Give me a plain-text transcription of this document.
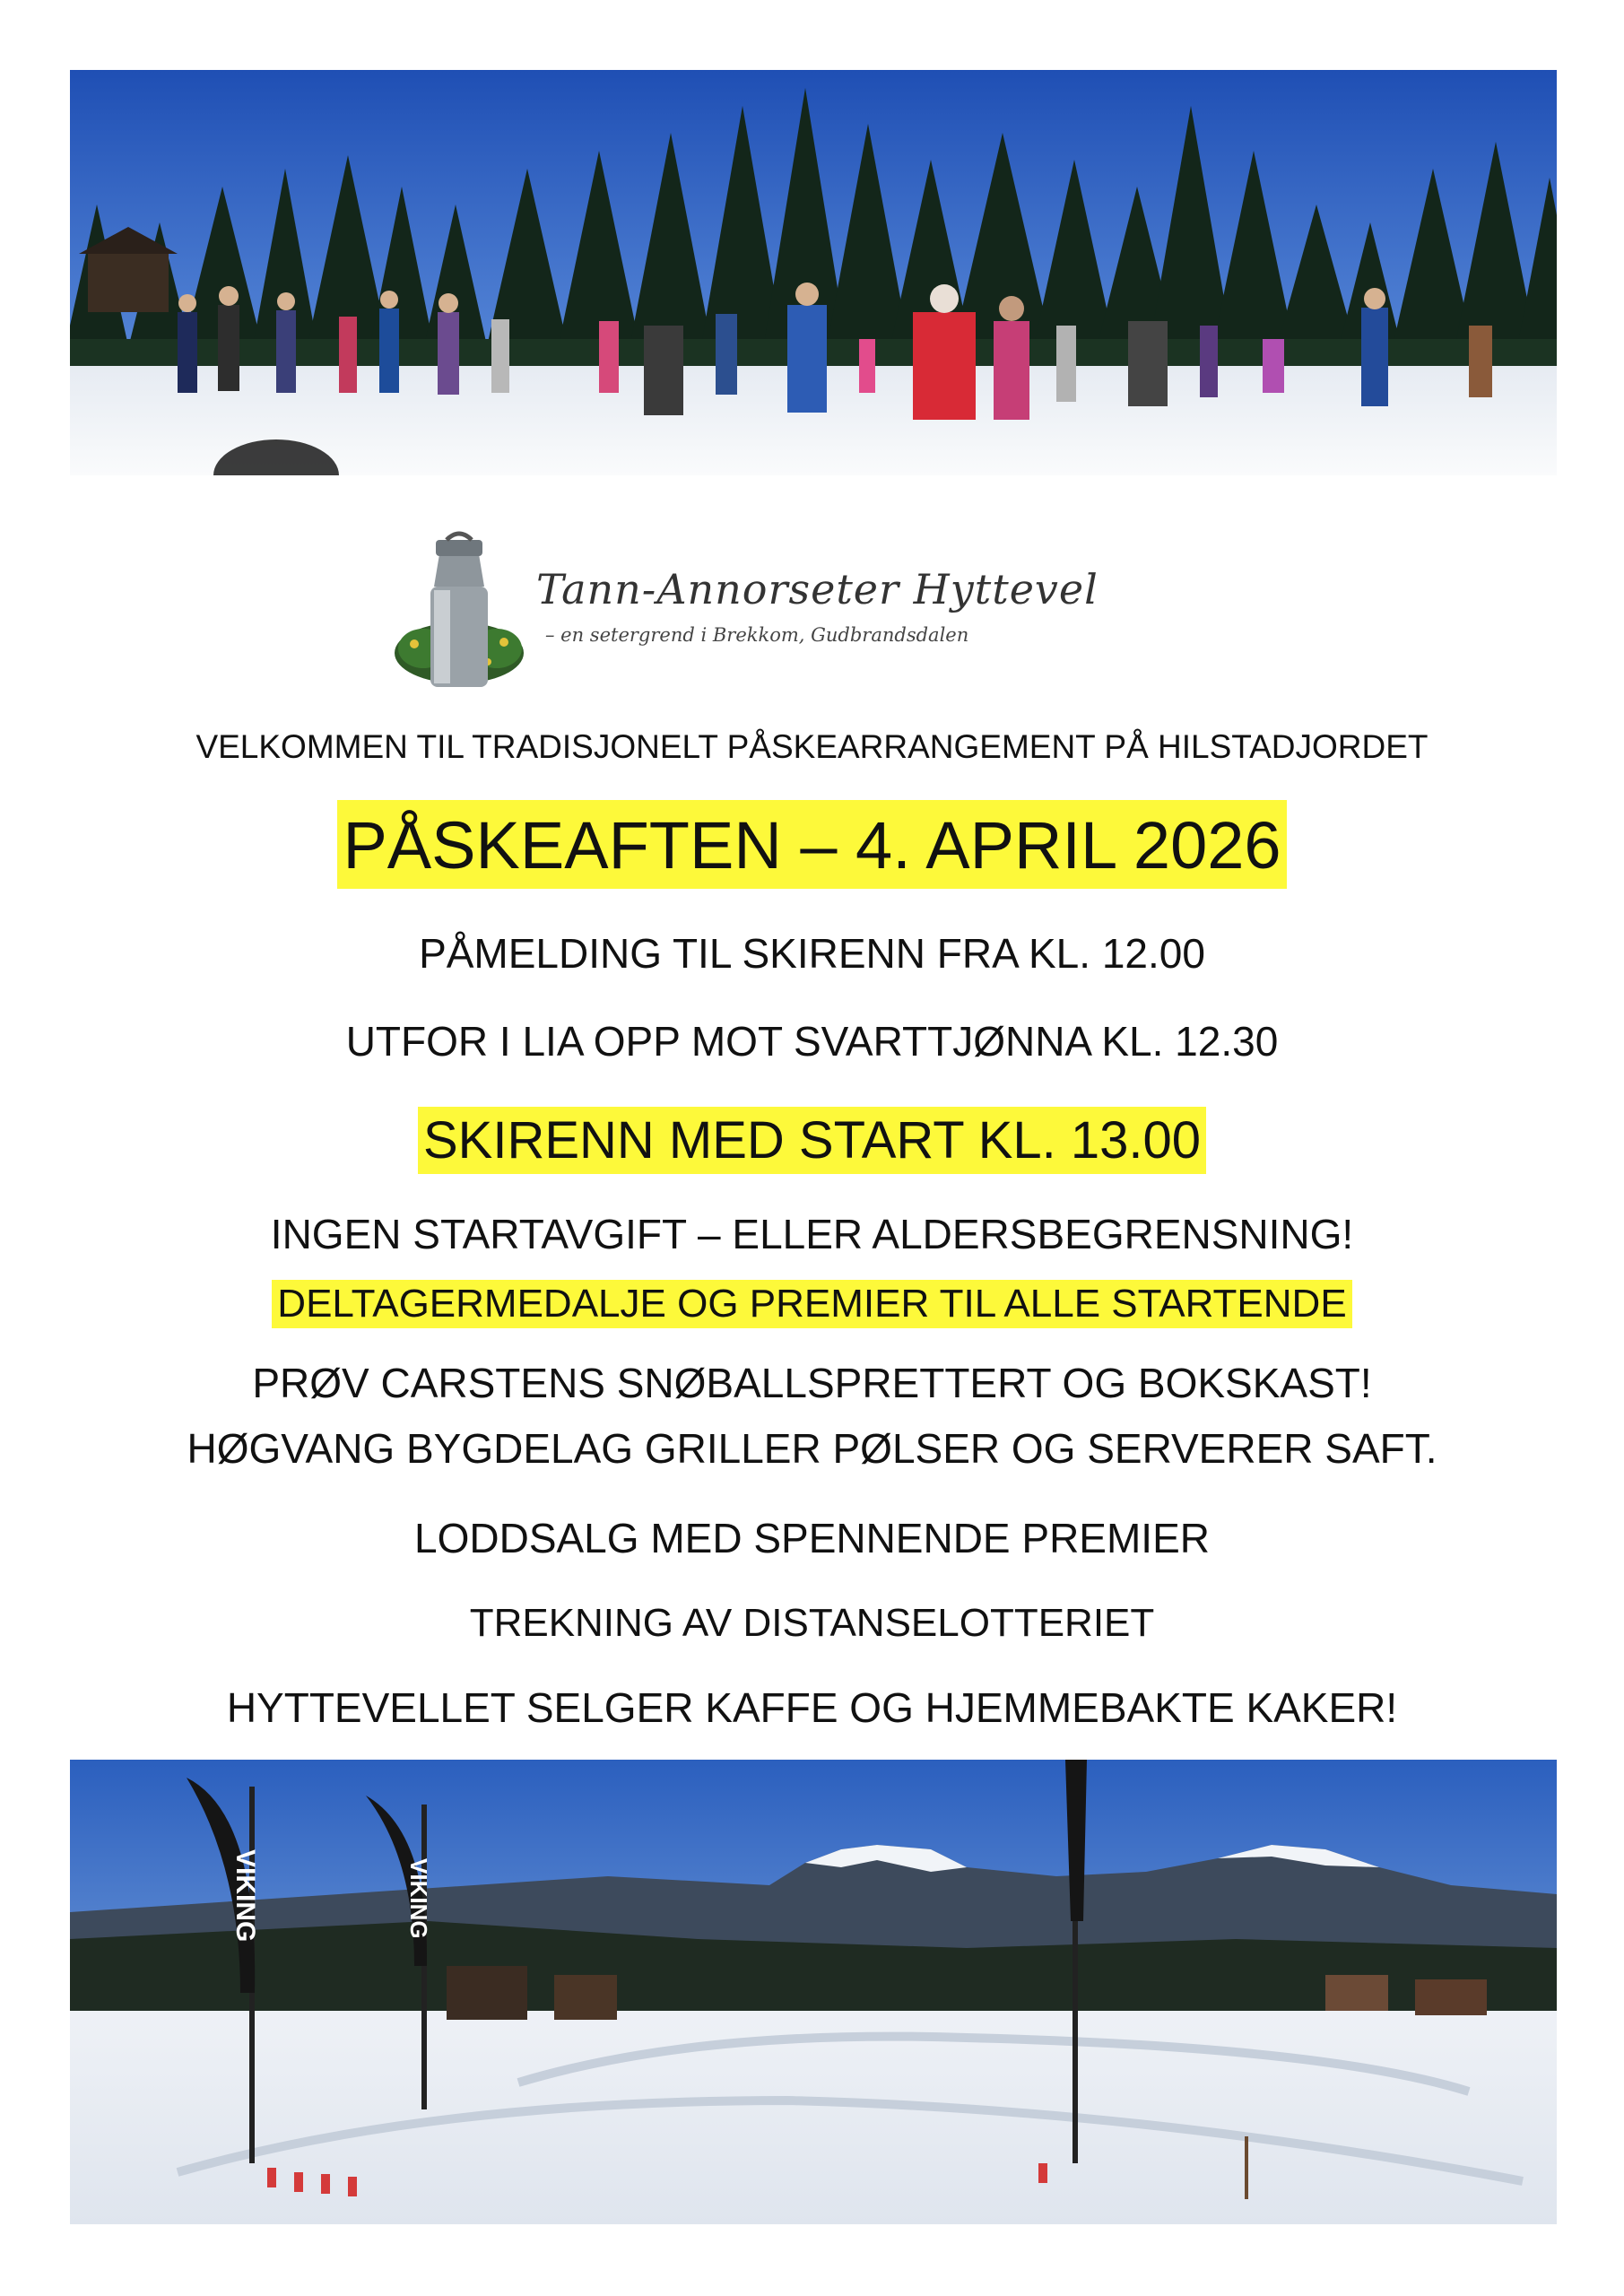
Tann-Annorseter Hyttevel
– en setergrend i Brekkom, Gudbrandsdalen
VELKOMMEN TIL TRADISJONELT PÅSKEARRANGEMENT PÅ HILSTADJORDET
PÅSKEAFTEN – 4. APRIL 2026
PÅMELDING TIL SKIRENN FRA KL. 12.00
UTFOR I LIA OPP MOT SVARTTJØNNA KL. 12.30
SKIRENN MED START KL. 13.00
INGEN STARTAVGIFT – ELLER ALDERSBEGRENSNING!
DELTAGERMEDALJE OG PREMIER TIL ALLE STARTENDE
PRØV CARSTENS SNØBALLSPRETTERT OG BOKSKAST!
HØGVANG BYGDELAG GRILLER PØLSER OG SERVERER SAFT.
LODDSALG MED SPENNENDE PREMIER
TREKNING AV DISTANSELOTTERIET
HYTTEVELLET SELGER KAFFE OG HJEMMEBAKTE KAKER!
VIKING	VIKING
